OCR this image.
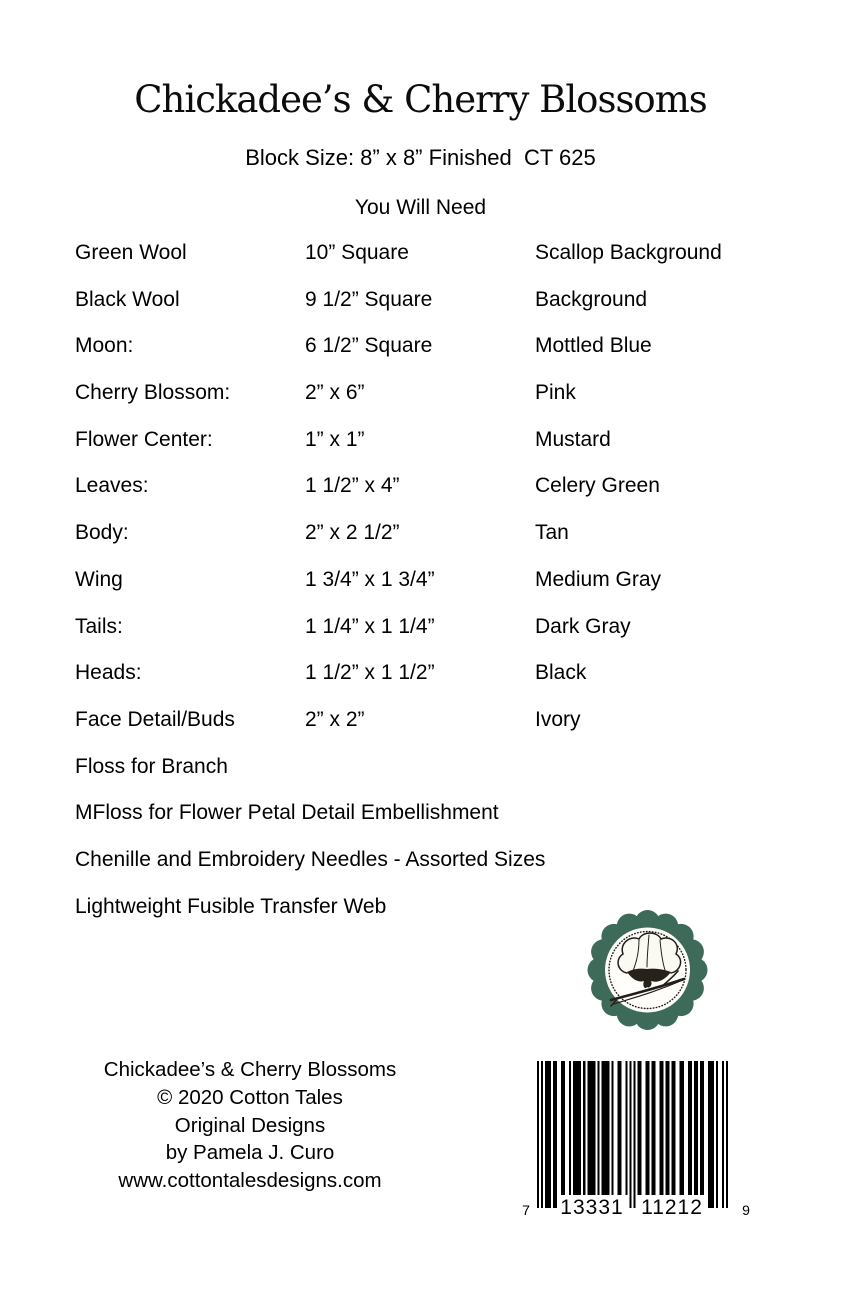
Chickadee’s & Cherry Blossoms
Block Size: 8” x 8” Finished  CT 625
You Will Need
Green Wool	10” Square	Scallop Background
Black Wool	9 1/2” Square	Background
Moon:	6 1/2” Square	Mottled Blue
Cherry Blossom:	2” x 6”	Pink
Flower Center:	1” x 1”	Mustard
Leaves:	1 1/2” x 4”	Celery Green
Body:	2” x 2 1/2”	Tan
Wing	1 3/4” x 1 3/4”	Medium Gray
Tails:	1 1/4” x 1 1/4”	Dark Gray
Heads:	1 1/2” x 1 1/2”	Black
Face Detail/Buds	2” x 2”	Ivory
Floss for Branch
MFloss for Flower Petal Detail Embellishment
Chenille and Embroidery Needles - Assorted Sizes
Lightweight Fusible Transfer Web
Chickadee’s & Cherry Blossoms
© 2020 Cotton Tales
Original Designs
by Pamela J. Curo
www.cottontalesdesigns.com
7	13331 11212	9
